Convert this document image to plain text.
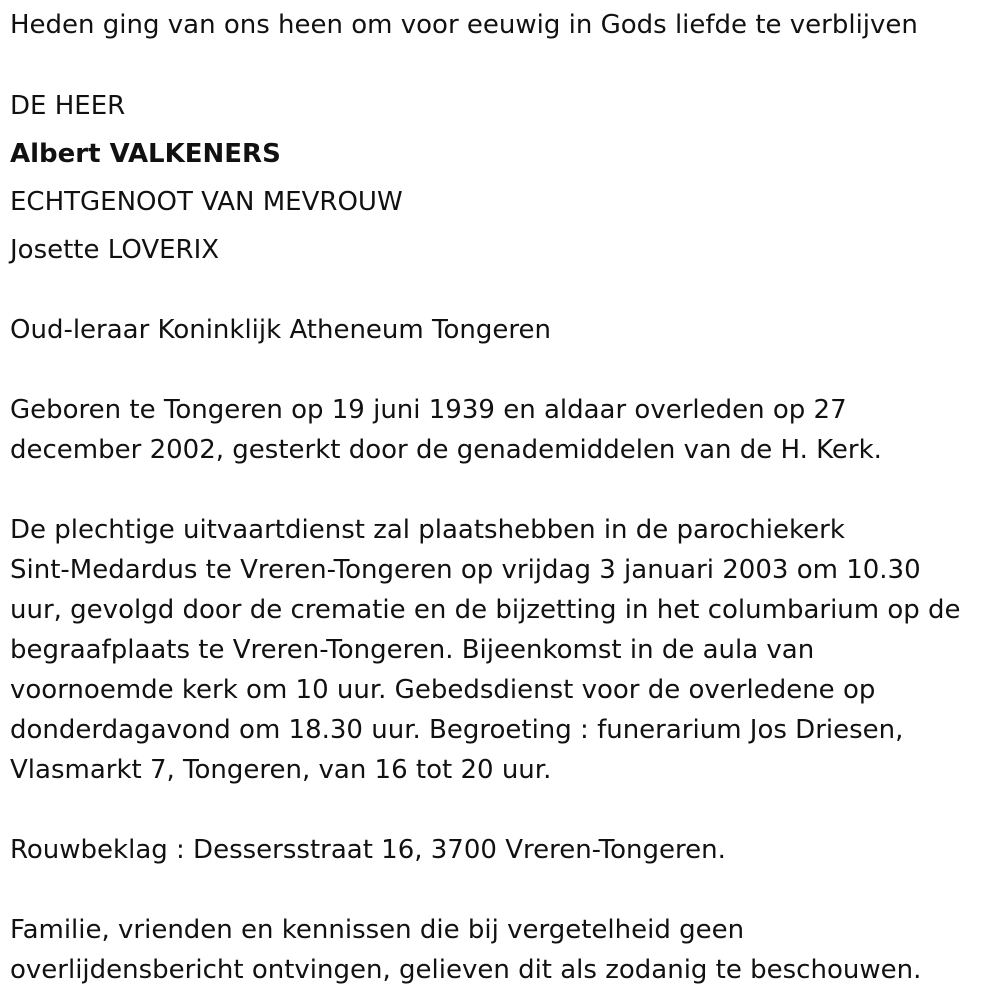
Heden ging van ons heen om voor eeuwig in Gods liefde te verblijven
DE HEER
Albert VALKENERS
ECHTGENOOT VAN MEVROUW
Josette LOVERIX
Oud-leraar Koninklijk Atheneum Tongeren
Geboren te Tongeren op 19 juni 1939 en aldaar overleden op 27
december 2002, gesterkt door de genademiddelen van de H. Kerk.
De plechtige uitvaartdienst zal plaatshebben in de parochiekerk
Sint-Medardus te Vreren-Tongeren op vrijdag 3 januari 2003 om 10.30
uur, gevolgd door de crematie en de bijzetting in het columbarium op de
begraafplaats te Vreren-Tongeren. Bijeenkomst in de aula van
voornoemde kerk om 10 uur. Gebedsdienst voor de overledene op
donderdagavond om 18.30 uur. Begroeting : funerarium Jos Driesen,
Vlasmarkt 7, Tongeren, van 16 tot 20 uur.
Rouwbeklag : Dessersstraat 16, 3700 Vreren-Tongeren.
Familie, vrienden en kennissen die bij vergetelheid geen
overlijdensbericht ontvingen, gelieven dit als zodanig te beschouwen.
